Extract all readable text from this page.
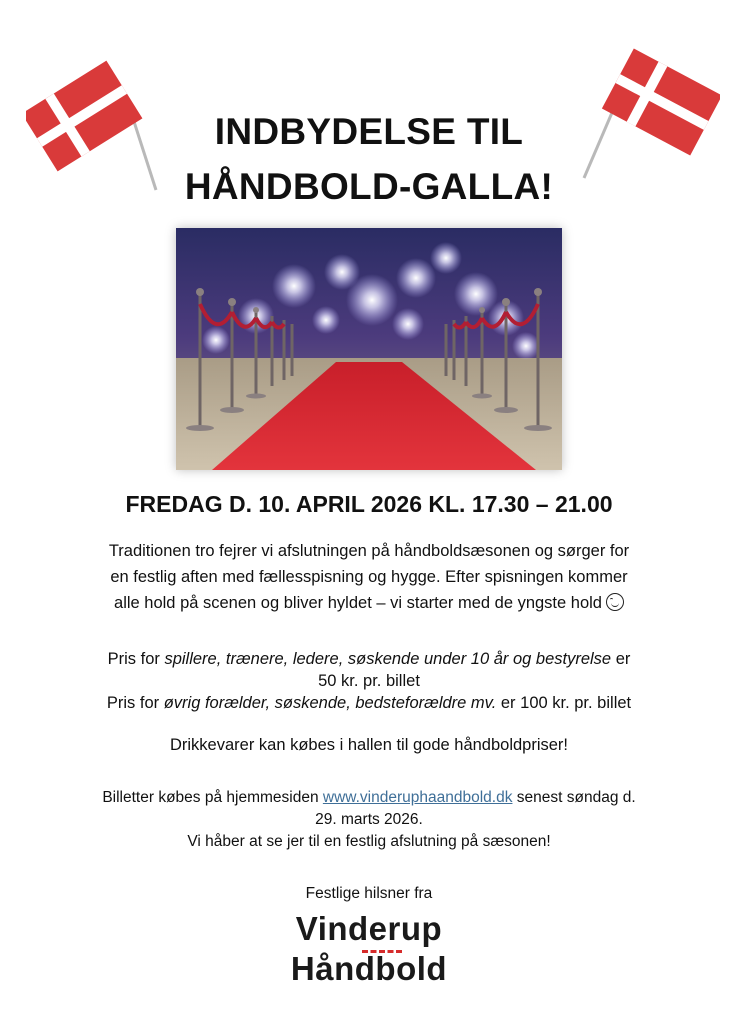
INDBYDELSE TIL
HÅNDBOLD-GALLA!
FREDAG D. 10. APRIL 2026 KL. 17.30 – 21.00
Traditionen tro fejrer vi afslutningen på håndboldsæsonen og sørger for
en festlig aften med fællesspisning og hygge. Efter spisningen kommer
alle hold på scenen og bliver hyldet – vi starter med de yngste hold
Pris for spillere, trænere, ledere, søskende under 10 år og bestyrelse er
50 kr. pr. billet
Pris for øvrig forælder, søskende, bedsteforældre mv. er 100 kr. pr. billet
Drikkevarer kan købes i hallen til gode håndboldpriser!
Billetter købes på hjemmesiden www.vinderuphaandbold.dk senest søndag d.
29. marts 2026.
Vi håber at se jer til en festlig afslutning på sæsonen!
Festlige hilsner fra
Vinderup
Håndbold
